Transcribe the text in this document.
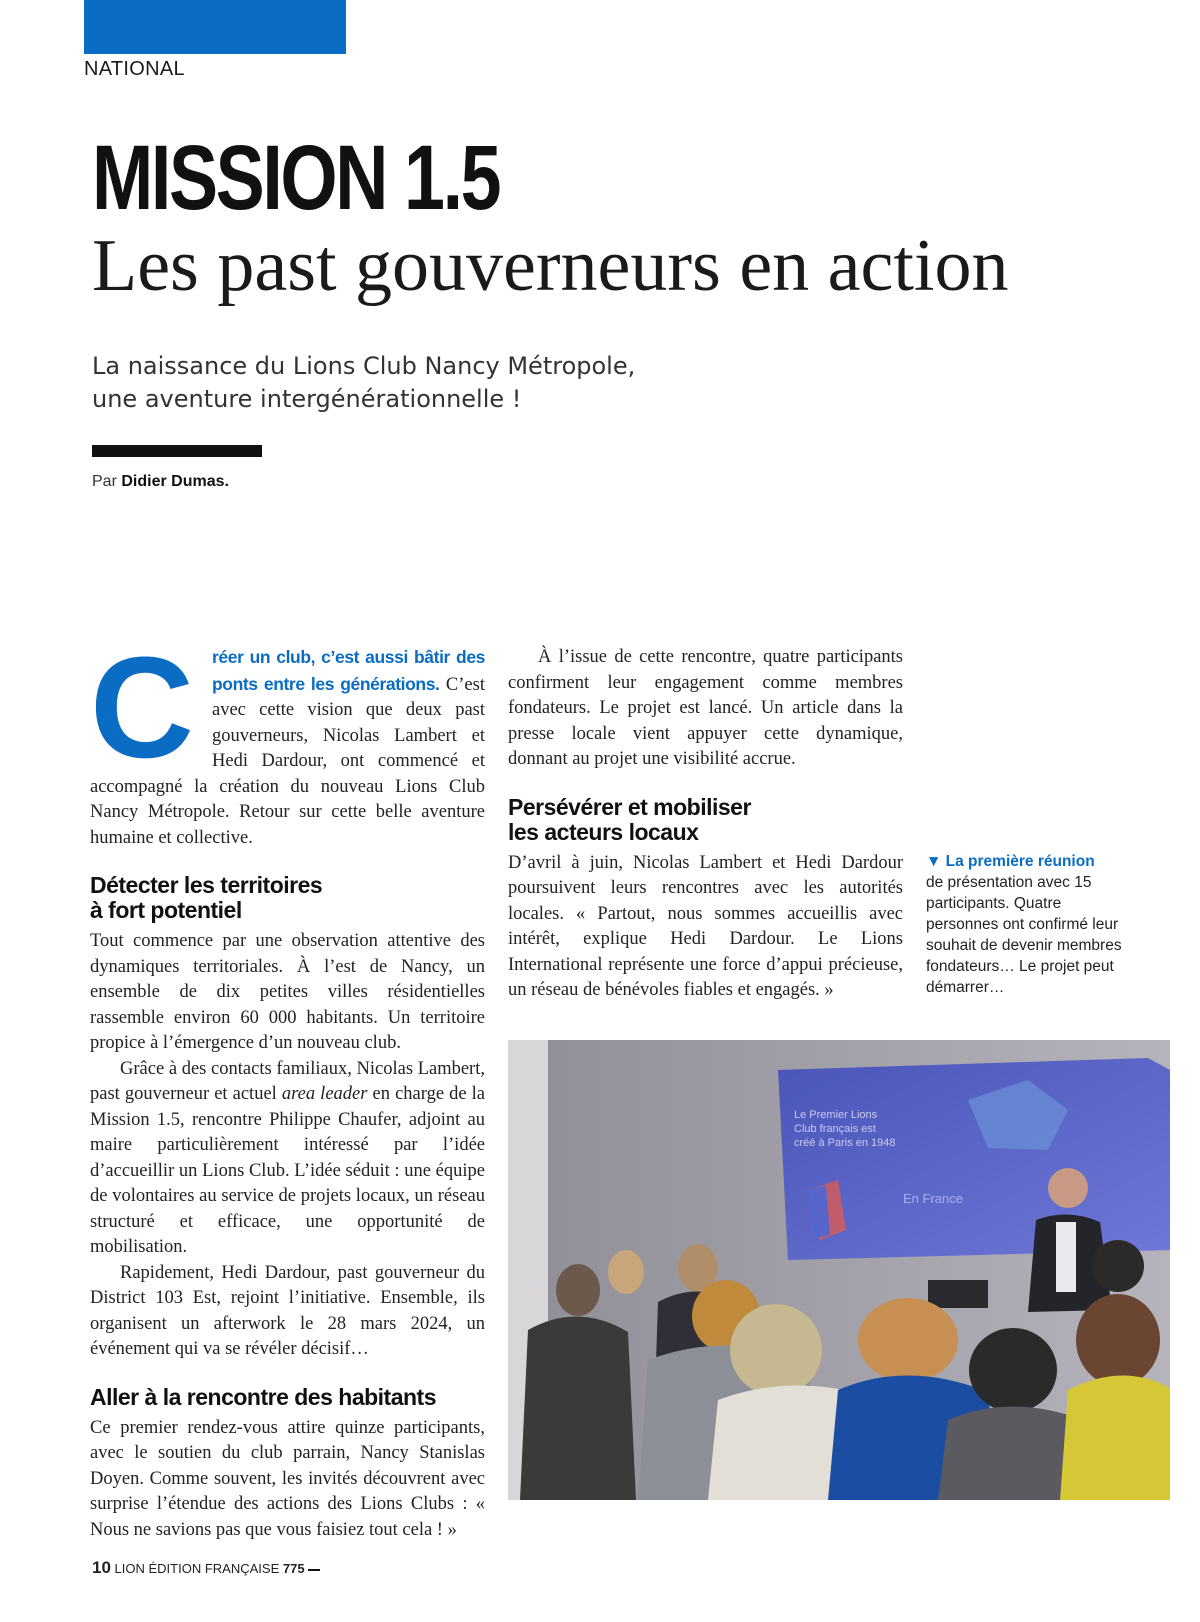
NATIONAL
MISSION 1.5
Les past gouverneurs en action
La naissance du Lions Club Nancy Métropole,
une aventure intergénérationnelle !
Par Didier Dumas.

C réer un club, c’est aussi bâtir des ponts entre les générations. C’est avec cette vision que deux past gouverneurs, Nicolas Lambert et Hedi Dardour, ont commencé et accompagné la création du nouveau Lions Club Nancy Métropole. Retour sur cette belle aventure humaine et collective.

Détecter les territoires
à fort potentiel

Tout commence par une observation attentive des dynamiques territoriales. À l’est de Nancy, un ensemble de dix petites villes résidentielles rassemble environ 60 000 habitants. Un territoire propice à l’émergence d’un nouveau club.

Grâce à des contacts familiaux, Nicolas Lambert, past gouverneur et actuel area leader en charge de la Mission 1.5, rencontre Philippe Chaufer, adjoint au maire particulièrement intéressé par l’idée d’accueillir un Lions Club. L’idée séduit : une équipe de volontaires au service de projets locaux, un réseau structuré et efficace, une opportunité de mobilisation.

Rapidement, Hedi Dardour, past gouverneur du District 103 Est, rejoint l’initiative. Ensemble, ils organisent un afterwork le 28 mars 2024, un événement qui va se révéler décisif…

Aller à la rencontre des habitants

Ce premier rendez-vous attire quinze participants, avec le soutien du club parrain, Nancy Stanislas Doyen. Comme souvent, les invités découvrent avec surprise l’étendue des actions des Lions Clubs : « Nous ne savions pas que vous faisiez tout cela ! »

À l’issue de cette rencontre, quatre participants confirment leur engagement comme membres fondateurs. Le projet est lancé. Un article dans la presse locale vient appuyer cette dynamique, donnant au projet une visibilité accrue.

Persévérer et mobiliser
les acteurs locaux

D’avril à juin, Nicolas Lambert et Hedi Dardour poursuivent leurs rencontres avec les autorités locales. « Partout, nous sommes accueillis avec intérêt, explique Hedi Dardour. Le Lions International représente une force d’appui précieuse, un réseau de bénévoles fiables et engagés. »

▼ La première réunion
de présentation avec 15 participants. Quatre personnes ont confirmé leur souhait de devenir membres fondateurs… Le projet peut démarrer…
Le Premier Lions
Club français est
créé à Paris en 1948
En France
10 LION ÉDITION FRANÇAISE 775
